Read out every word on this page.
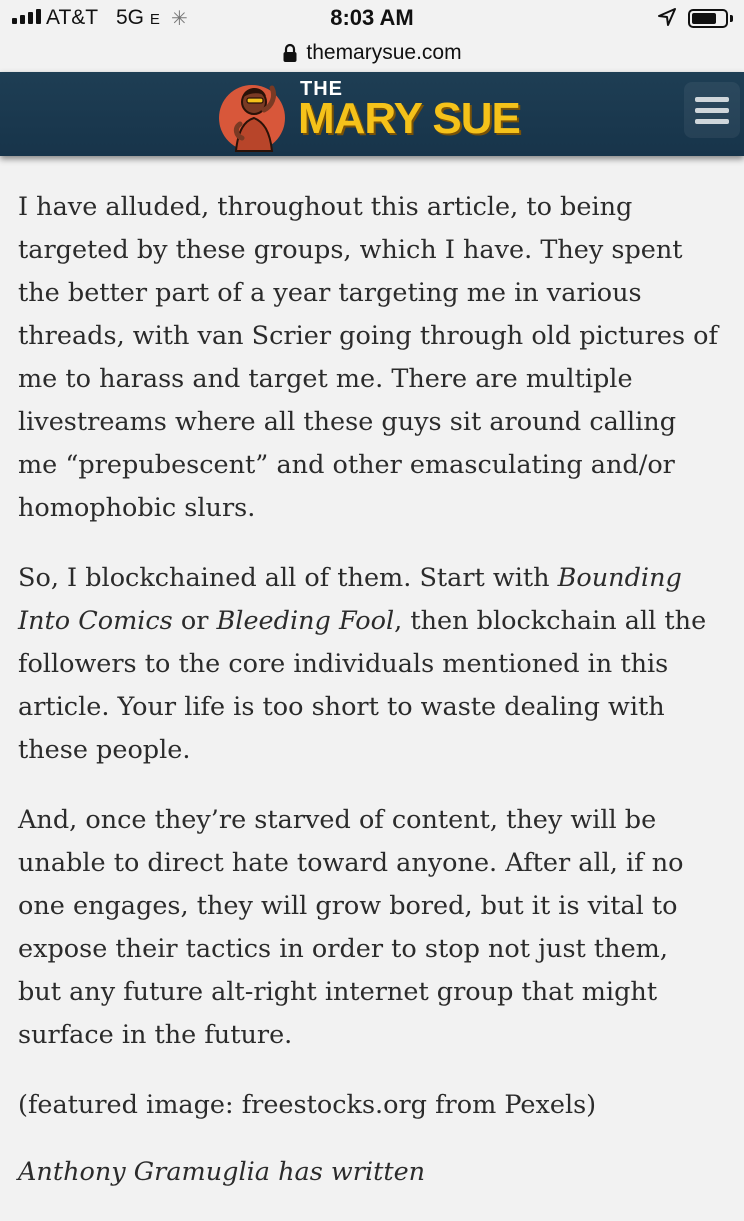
AT&T 5G E ✳	8:03 AM
themarysue.com
THE
MARY SUE

I have alluded, throughout this article, to being targeted by these groups, which I have. They spent the better part of a year targeting me in various threads, with van Scrier going through old pictures of me to harass and target me. There are multiple livestreams where all these guys sit around calling me “prepubescent” and other emasculating and/or homophobic slurs.

So, I blockchained all of them. Start with Bounding Into Comics or Bleeding Fool, then blockchain all the followers to the core individuals mentioned in this article. Your life is too short to waste dealing with these people.

And, once they’re starved of content, they will be unable to direct hate toward anyone. After all, if no one engages, they will grow bored, but it is vital to expose their tactics in order to stop not just them, but any future alt-right internet group that might surface in the future.

(featured image: freestocks.org from Pexels)

Anthony Gramuglia has written
